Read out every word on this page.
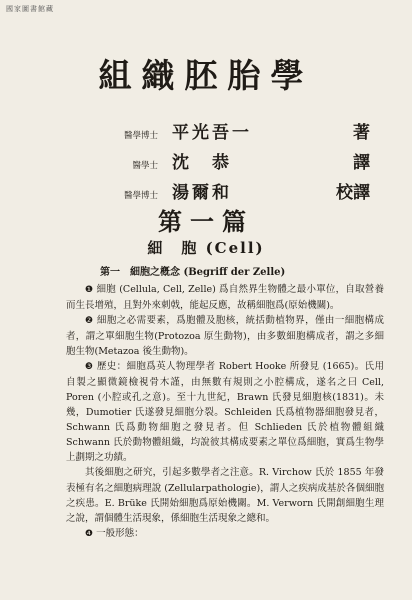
國家圖書館藏
組織胚胎學
醫學博士 平光吾一	著
醫學士 沈　恭	譯
醫學博士 湯爾和	校譯
第一篇
細　胞 (Cell)
第一　細胞之槪念 (Begriff der Zelle)

❶ 細胞 (Cellula, Cell, Zelle) 爲自然界生物體之最小單位，自取營養而生長增殖，且對外來刺戟，能起反應，故稱細胞爲(原始機關)。

❷ 細胞之必需要素，爲胞體及胞核，統括動植物界，僅由一細胞構成者，謂之單細胞生物(Protozoa 原生動物)，由多數細胞構成者，謂之多細胞生物(Metazoa 後生動物)。

❸ 歷史：細胞爲英人物理學者 Robert Hooke 所發見 (1665)。氏用自製之顯微鏡檢視骨木謹，由無數有規則之小腔構成，遂名之曰 Cell, Poren (小腔或孔之意)。至十九世紀，Brawn 氏發見細胞核(1831)。未幾，Dumotier 氏遂發見細胞分裂。Schleiden 氏爲植物器細胞發見者，Schwann 氏爲動物細胞之發見者。但 Schlieden 氏於植物體組織 Schwann 氏於動物體組織，均說彼其構成要素之單位爲細胞，實爲生物學上劃期之功績。

其後細胞之研究，引起多數學者之注意。R. Virchow 氏於 1855 年發表極有名之細胞病理說 (Zellularpathologie)，謂人之疾病成基於各個細胞之疾患。E. Brüke 氏開始細胞爲原始機關。M. Verworn 氏開創細胞生理之說，謂個體生活現象，係細胞生活現象之總和。

❹ 一般形態：
